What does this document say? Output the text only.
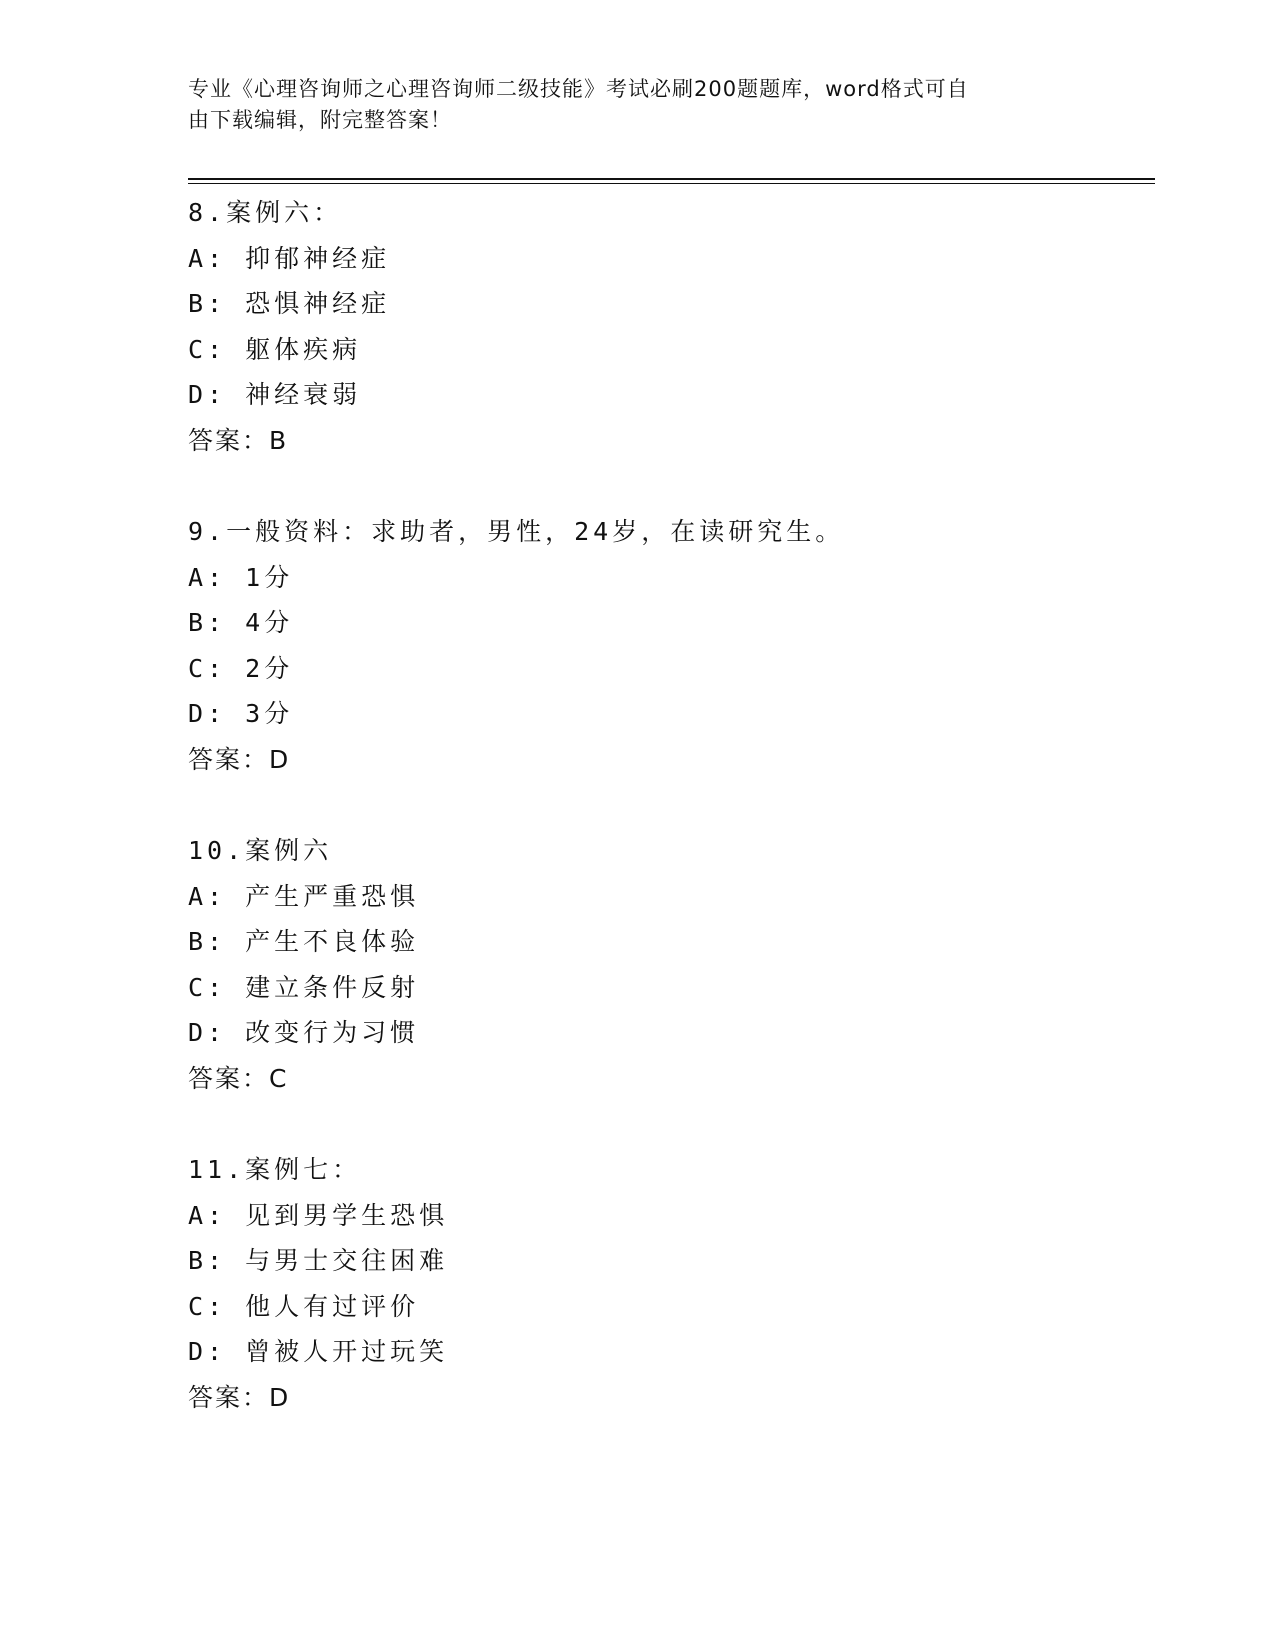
专业《心理咨询师之心理咨询师二级技能》考试必刷200题题库，word格式可自
由下载编辑，附完整答案！
8.案例六：
A: 抑郁神经症
B: 恐惧神经症
C: 躯体疾病
D: 神经衰弱
答案：B
9.一般资料：求助者，男性，24岁，在读研究生。
A: 1分
B: 4分
C: 2分
D: 3分
答案：D
10.案例六
A: 产生严重恐惧
B: 产生不良体验
C: 建立条件反射
D: 改变行为习惯
答案：C
11.案例七：
A: 见到男学生恐惧
B: 与男士交往困难
C: 他人有过评价
D: 曾被人开过玩笑
答案：D
